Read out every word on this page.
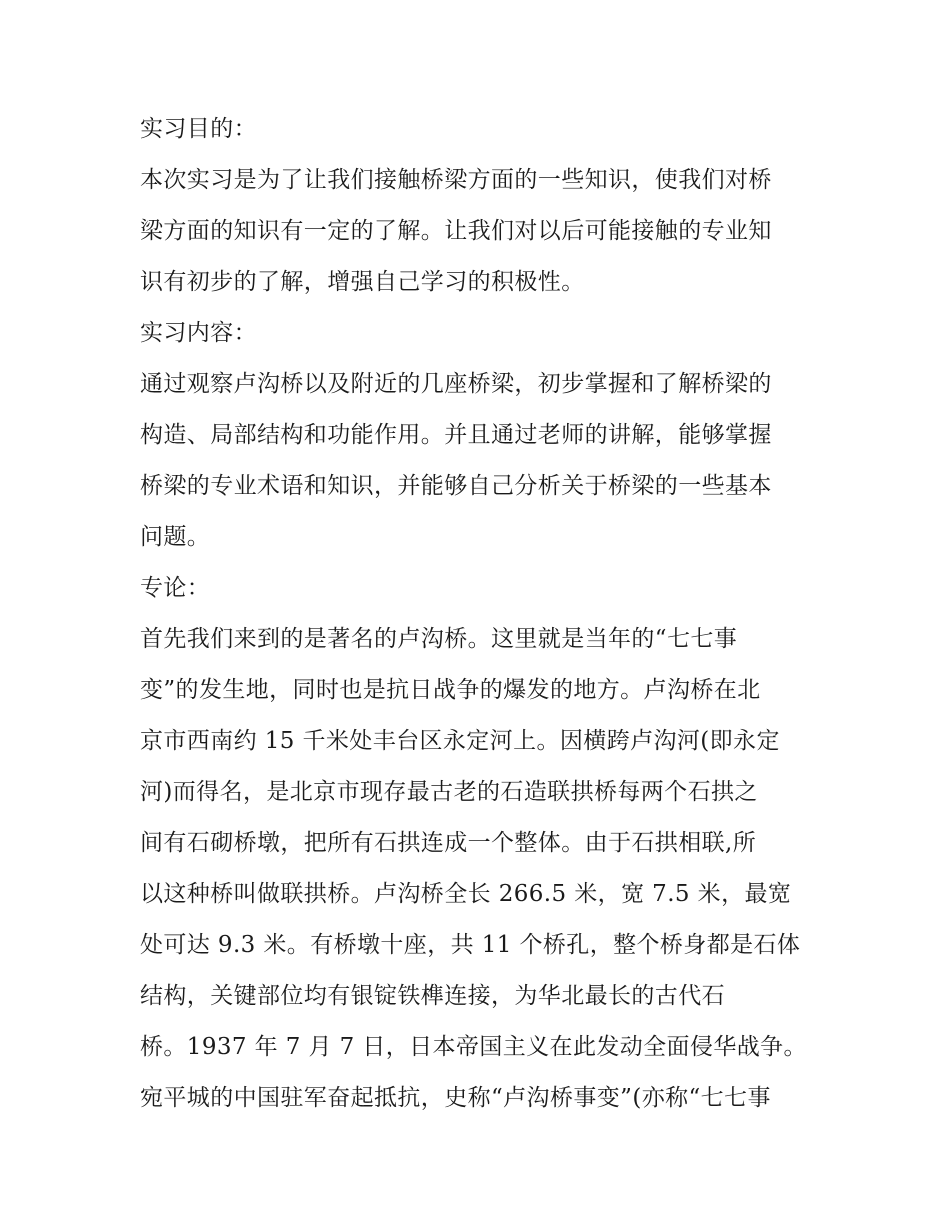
实习目的：
本次实习是为了让我们接触桥梁方面的一些知识，使我们对桥
梁方面的知识有一定的了解。让我们对以后可能接触的专业知
识有初步的了解，增强自己学习的积极性。
实习内容：
通过观察卢沟桥以及附近的几座桥梁，初步掌握和了解桥梁的
构造、局部结构和功能作用。并且通过老师的讲解，能够掌握
桥梁的专业术语和知识，并能够自己分析关于桥梁的一些基本
问题。
专论：
首先我们来到的是著名的卢沟桥。这里就是当年的“七七事
变”的发生地，同时也是抗日战争的爆发的地方。卢沟桥在北
京市西南约 15 千米处丰台区永定河上。因横跨卢沟河(即永定
河)而得名，是北京市现存最古老的石造联拱桥每两个石拱之
间有石砌桥墩，把所有石拱连成一个整体。由于石拱相联,所
以这种桥叫做联拱桥。卢沟桥全长 266.5 米，宽 7.5 米，最宽
处可达 9.3 米。有桥墩十座，共 11 个桥孔，整个桥身都是石体
结构，关键部位均有银锭铁榫连接，为华北最长的古代石
桥。1937 年 7 月 7 日，日本帝国主义在此发动全面侵华战争。
宛平城的中国驻军奋起抵抗，史称“卢沟桥事变”(亦称“七七事
